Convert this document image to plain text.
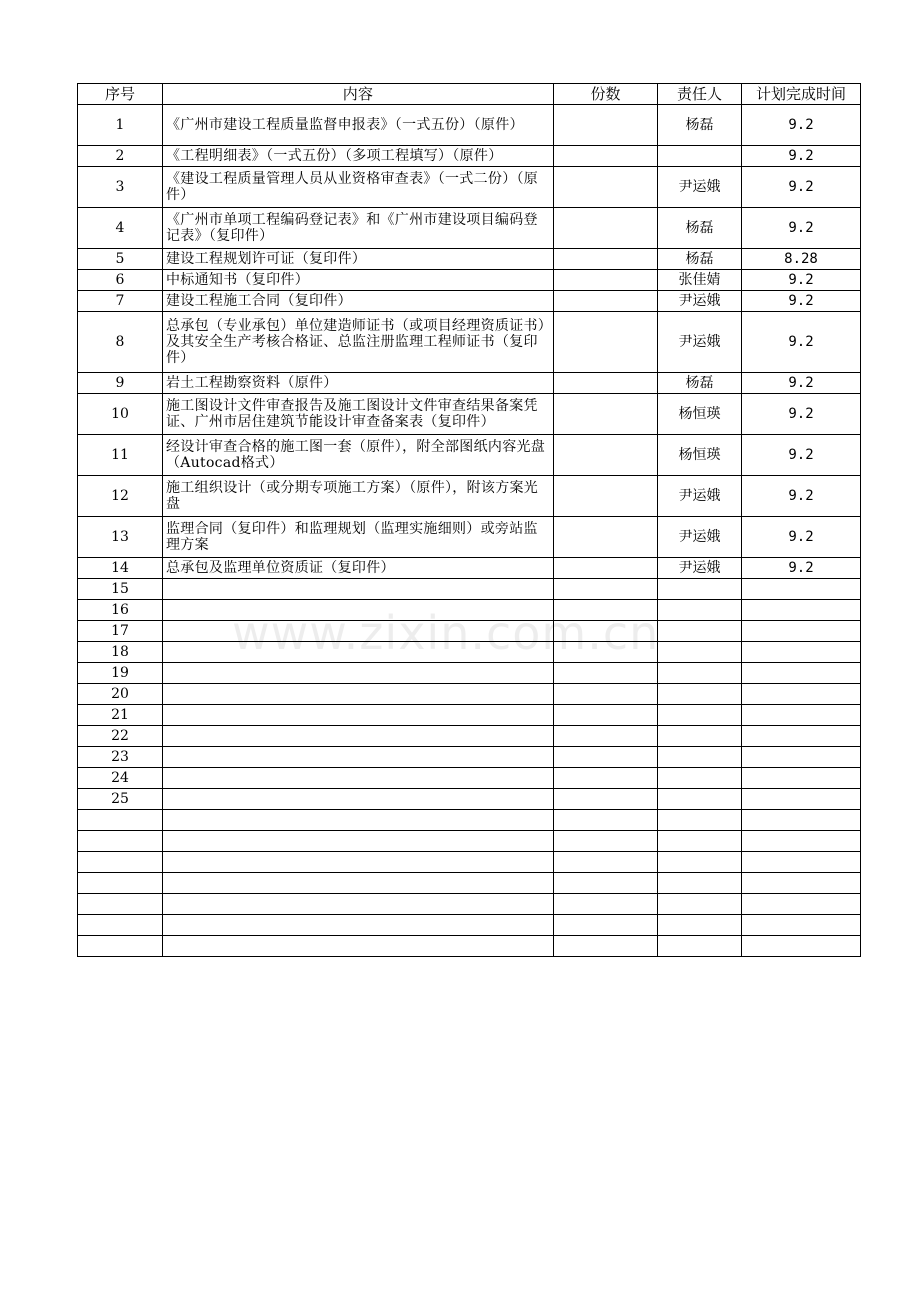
序号	内容	份数	责任人	计划完成时间
1	《广州市建设工程质量监督申报表》（一式五份）（原件）		杨磊	9.2
2	《工程明细表》（一式五份）（多项工程填写）（原件）			9.2
3	《建设工程质量管理人员从业资格审查表》（一式二份）（原件）		尹运娥	9.2
4	《广州市单项工程编码登记表》和《广州市建设项目编码登记表》（复印件）		杨磊	9.2
5	建设工程规划许可证（复印件）		杨磊	8.28
6	中标通知书（复印件）		张佳婧	9.2
7	建设工程施工合同（复印件）		尹运娥	9.2
8	总承包（专业承包）单位建造师证书（或项目经理资质证书）及其安全生产考核合格证、总监注册监理工程师证书（复印件）		尹运娥	9.2
9	岩土工程勘察资料（原件）		杨磊	9.2
10	施工图设计文件审查报告及施工图设计文件审查结果备案凭证、广州市居住建筑节能设计审查备案表（复印件）		杨恒瑛	9.2
11	经设计审查合格的施工图一套（原件），附全部图纸内容光盘（Autocad格式）		杨恒瑛	9.2
12	施工组织设计（或分期专项施工方案）（原件），附该方案光盘		尹运娥	9.2
13	监理合同（复印件）和监理规划（监理实施细则）或旁站监理方案		尹运娥	9.2
14	总承包及监理单位资质证（复印件）		尹运娥	9.2
15	

16	

17	

18	

19	

20	

21	

22	

23	

24	

25	

www.zixin.com.cn
